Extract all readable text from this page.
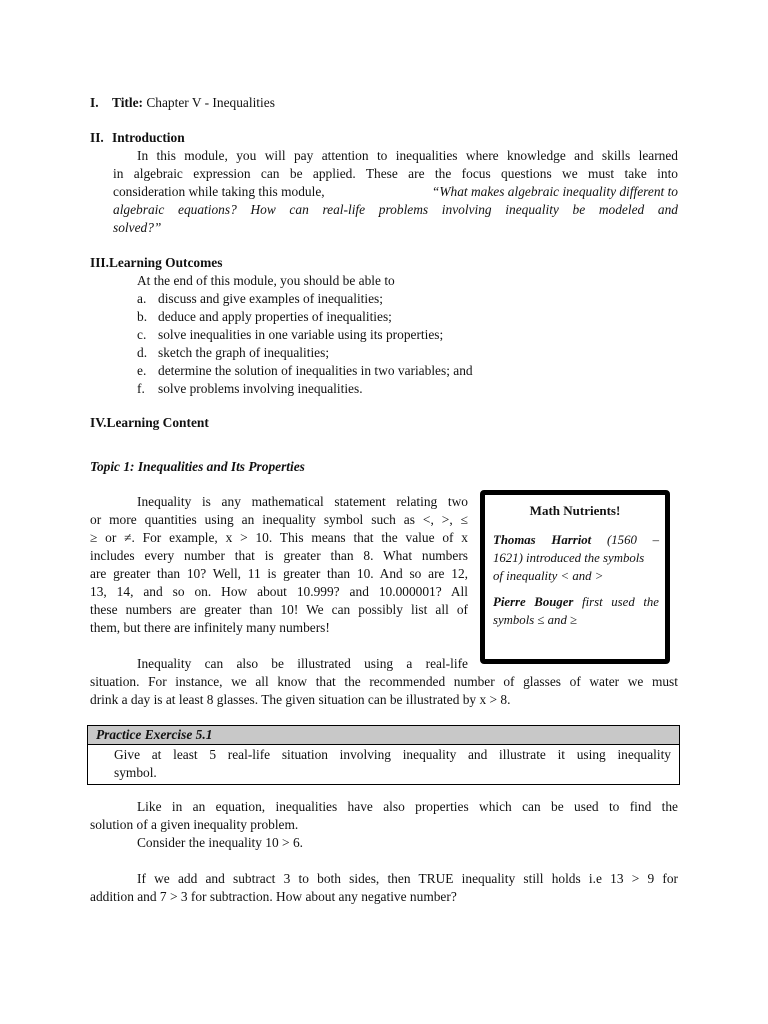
I. Title: Chapter V - Inequalities
II. Introduction
In this module, you will pay attention to inequalities where knowledge and skills learned
in algebraic expression can be applied. These are the focus questions we must take into
consideration while taking this module,	“What makes algebraic inequality different to
algebraic equations? How can real-life problems involving inequality be modeled and
solved?”
III.Learning Outcomes
At the end of this module, you should be able to
a. discuss and give examples of inequalities;
b. deduce and apply properties of inequalities;
c. solve inequalities in one variable using its properties;
d. sketch the graph of inequalities;
e. determine the solution of inequalities in two variables; and
f. solve problems involving inequalities.
IV.Learning Content
Topic 1: Inequalities and Its Properties
Inequality is any mathematical statement relating two
or more quantities using an inequality symbol such as <, >, ≤
≥ or ≠. For example, x > 10. This means that the value of x
includes every number that is greater than 8. What numbers
are greater than 10? Well, 11 is greater than 10. And so are 12,
13, 14, and so on. How about 10.999? and 10.000001? All
these numbers are greater than 10! We can possibly list all of
them, but there are infinitely many numbers!
Math Nutrients!
Thomas Harriot (1560 –
1621) introduced the symbols
of inequality < and >
Pierre Bouger first used the
symbols ≤ and ≥
Inequality can also be illustrated using a real-life
situation. For instance, we all know that the recommended number of glasses of water we must
drink a day is at least 8 glasses. The given situation can be illustrated by x > 8.
Practice Exercise 5.1
Give at least 5 real-life situation involving inequality and illustrate it using inequality
symbol.
Like in an equation, inequalities have also properties which can be used to find the
solution of a given inequality problem.
Consider the inequality 10 > 6.
If we add and subtract 3 to both sides, then TRUE inequality still holds i.e 13 > 9 for
addition and 7 > 3 for subtraction. How about any negative number?
